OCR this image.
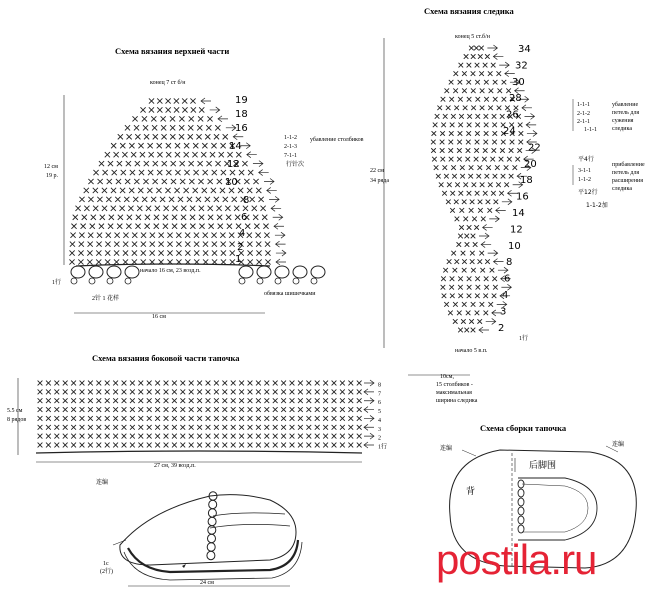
Схема вязания верхней части
конец 7 ст б/н
19
18
16
14
12
10
8
6
4
2
1
12 см
19 р.
1行
2针 1 花样
начало 16 см, 23 возд.п.
16 см
обвязка шишечками
1-1-2
2-1-3
7-1-1
行针次
убавление столбиков
Схема вязания следика
конец 5 ст.б/н
34
32
30
28
26
24
22
20
18
16
14
12
10
8
6
4
3
2
22 см
34 ряда
начало 5 в.п.
1行
10см,
15 столбиков -
максимальная
ширина следика
1-1-1
2-1-2
2-1-1
1-1-1
убавление
петель для
сужения
следика
平4行
3-1-1
1-1-2
平12行
1-1-2加
прибавление
петель для
расширения
следика
Схема вязания боковой части тапочка
1行
2
3
4
5
6
7
8
5.5 см
8 рядов
27 см, 39 возд.п.
连编
1c
(2行)
24 см
Схема сборки тапочка
连编
连编
后脚围
背
postila.ru
